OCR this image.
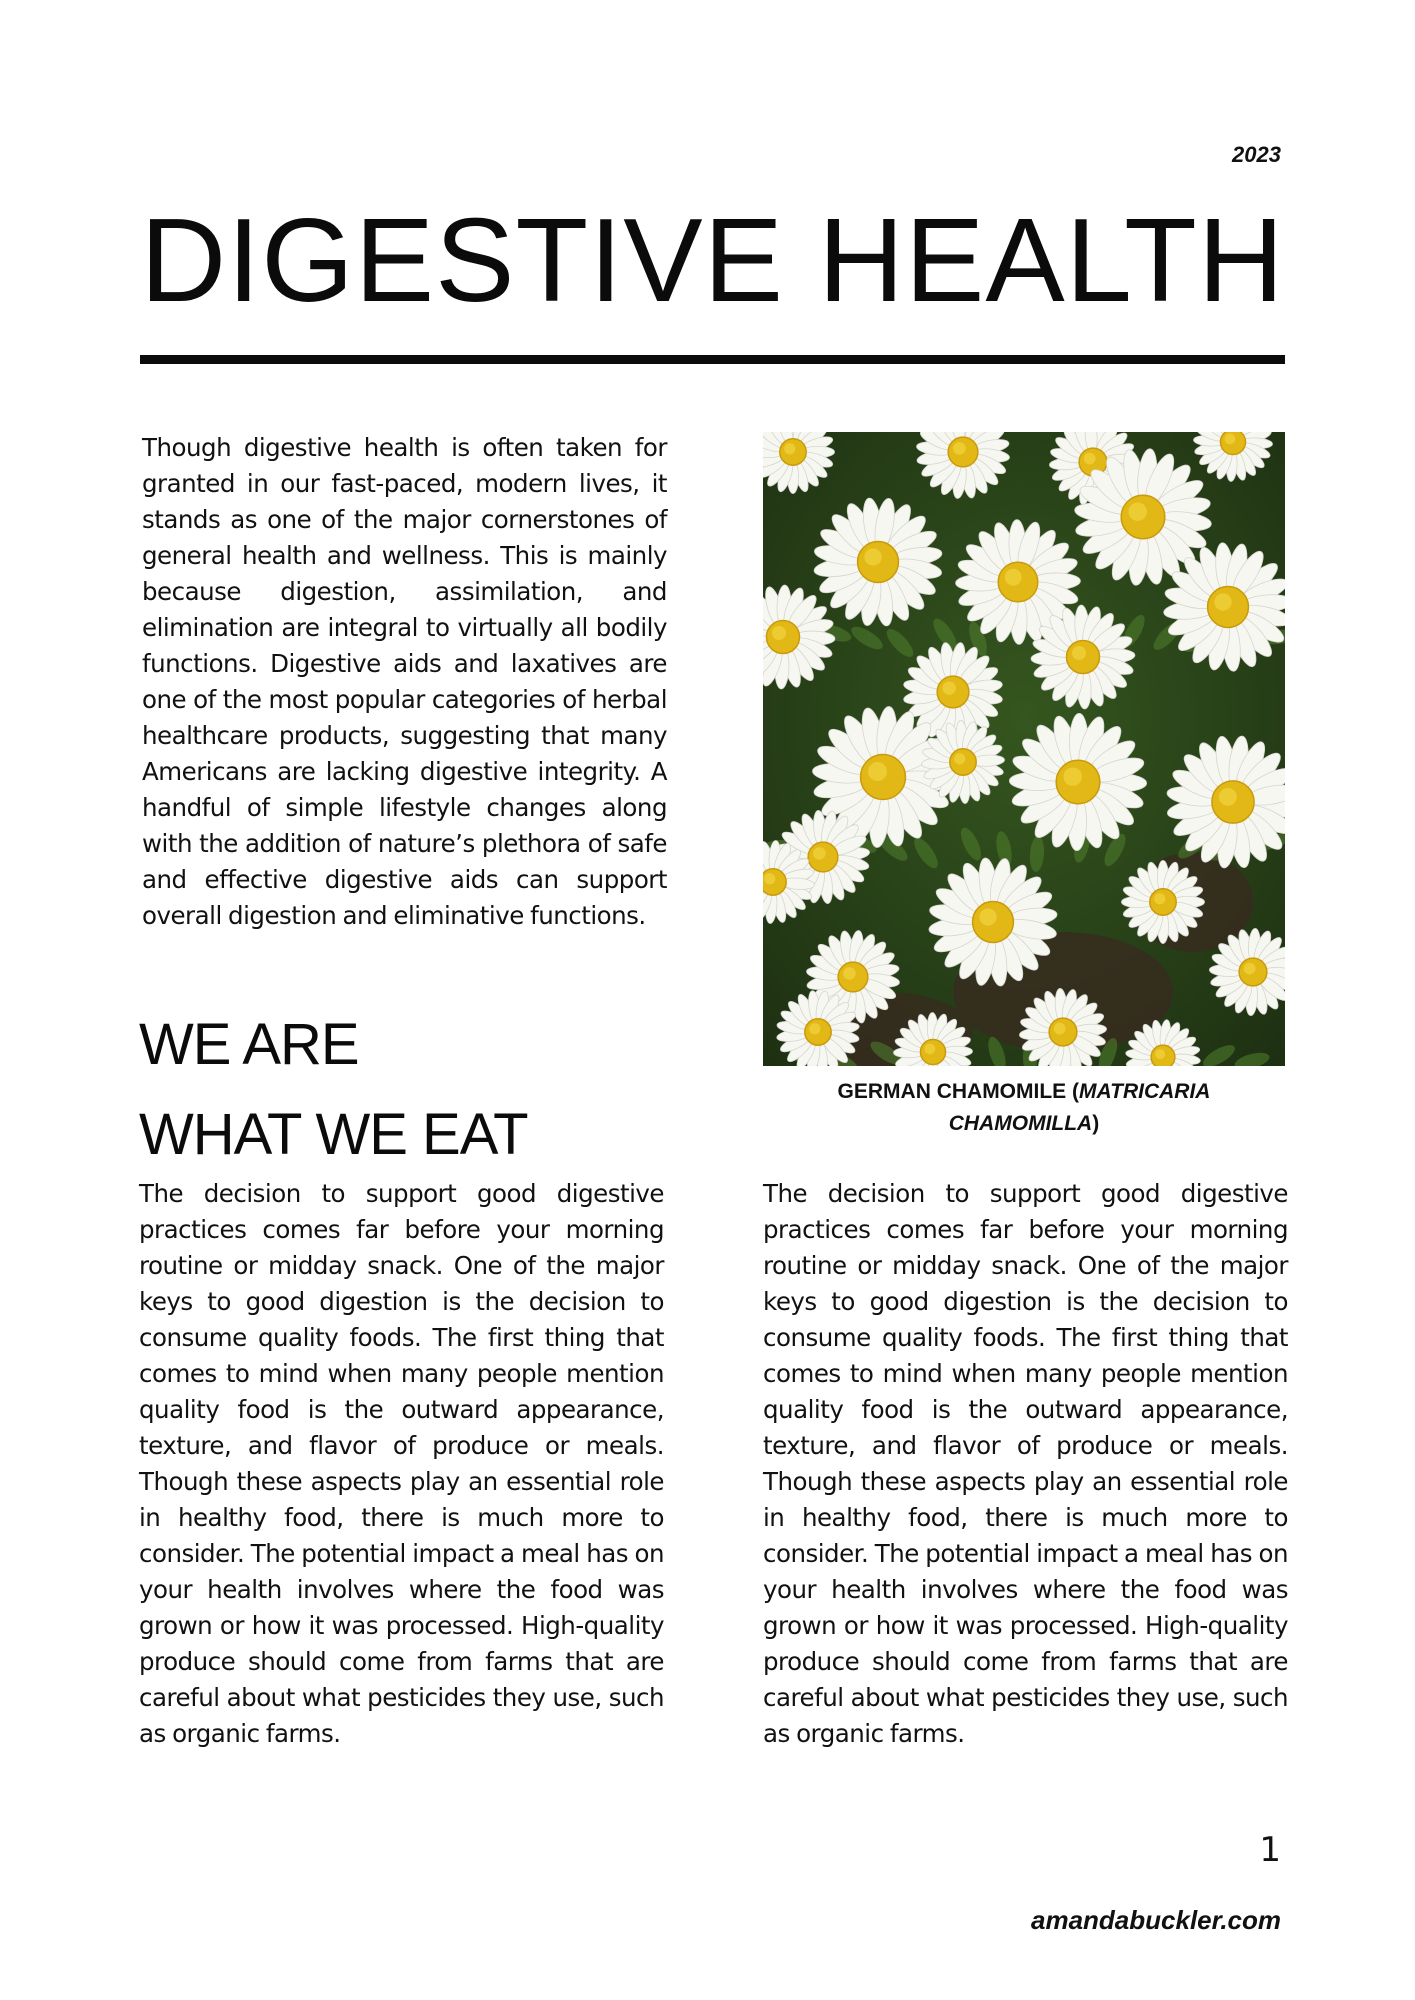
2023
DIGESTIVE HEALTH

Though digestive health is often taken for granted in our fast-paced, modern lives, it stands as one of the major cornerstones of general health and wellness. This is mainly because digestion, assimilation, and elimination are integral to virtually all bodily functions. Digestive aids and laxatives are one of the most popular categories of herbal healthcare products, suggesting that many Americans are lacking digestive integrity. A handful of simple lifestyle changes along with the addition of nature’s plethora of safe and effective digestive aids can support overall digestion and eliminative functions.

WE ARE
WHAT WE EAT
GERMAN CHAMOMILE (MATRICARIA CHAMOMILLA)

The decision to support good digestive practices comes far before your morning routine or midday snack. One of the major keys to good digestion is the decision to consume quality foods. The first thing that comes to mind when many people mention quality food is the outward appearance, texture, and flavor of produce or meals. Though these aspects play an essential role in healthy food, there is much more to consider. The potential impact a meal has on your health involves where the food was grown or how it was processed. High-quality produce should come from farms that are careful about what pesticides they use, such as organic farms.

The decision to support good digestive practices comes far before your morning routine or midday snack. One of the major keys to good digestion is the decision to consume quality foods. The first thing that comes to mind when many people mention quality food is the outward appearance, texture, and flavor of produce or meals. Though these aspects play an essential role in healthy food, there is much more to consider. The potential impact a meal has on your health involves where the food was grown or how it was processed. High-quality produce should come from farms that are careful about what pesticides they use, such as organic farms.

1
amandabuckler.com
